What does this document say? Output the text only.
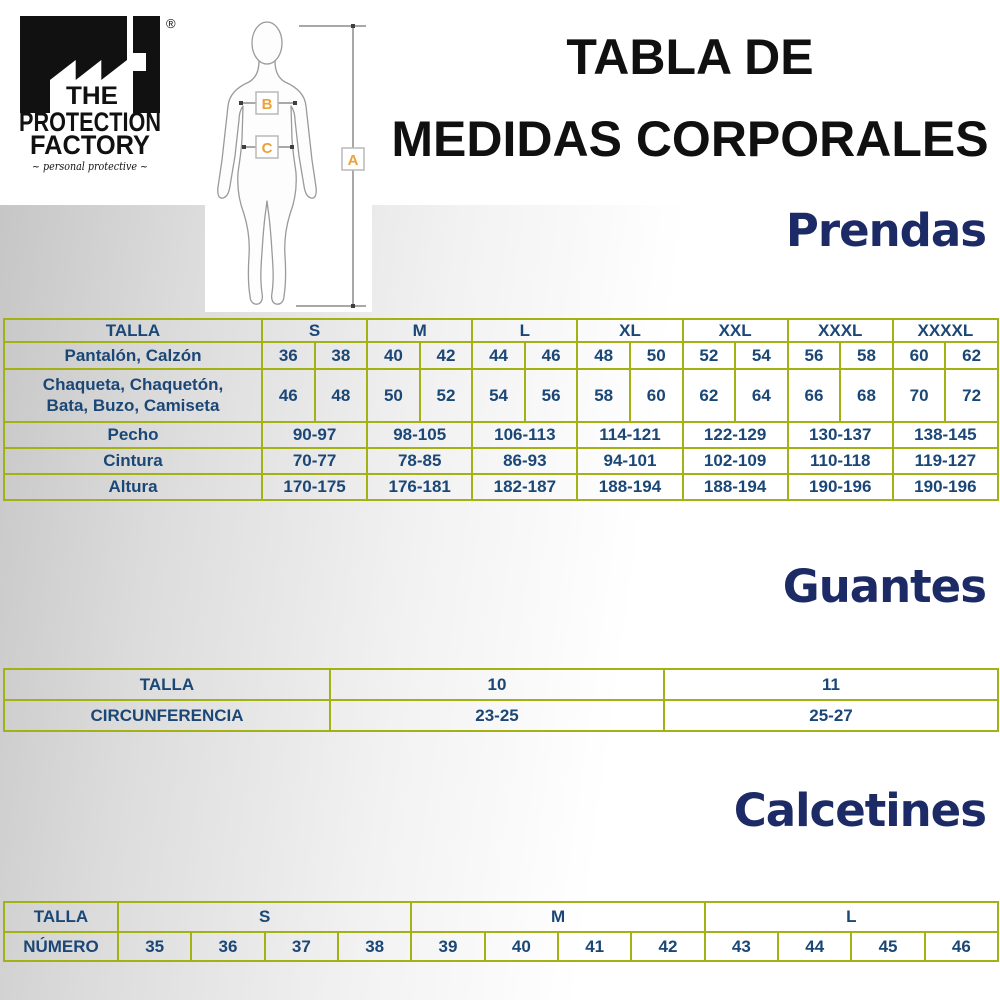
®
THE
PROTECTION
FACTORY
~ personal protective ~
B
C
A
TABLA DE
MEDIDAS CORPORALES
Prendas
Guantes
Calcetines
TALLA	S		M		L		XL		XXL		XXXL		XXXXL	
Pantalón, Calzón	36	38	40	42	44	46	48	50	52	54	56	58	60	62

Chaqueta, Chaquetón,
Bata, Buzo, Camiseta	46	48	50	52	54	56	58	60	62	64	66	68	70	72
Pecho	90-97		98-105		106-113		114-121		122-129		130-137		138-145	
Cintura	70-77		78-85		86-93		94-101		102-109		110-118		119-127	
Altura	170-175		176-181		182-187		188-194		188-194		190-196		190-196	
TALLA	10	11
CIRCUNFERENCIA	23-25	25-27
TALLA	S				M				L			
NÚMERO	35	36	37	38	39	40	41	42	43	44	45	46
